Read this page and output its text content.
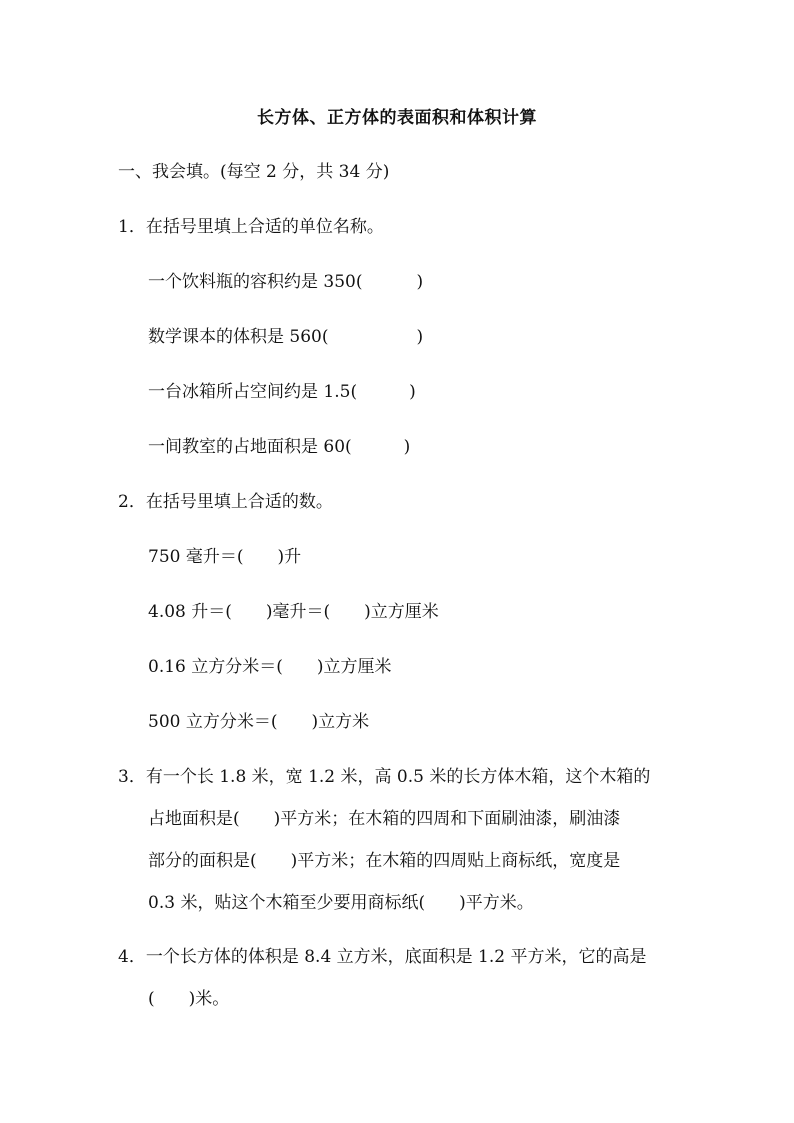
长方体、正方体的表面积和体积计算
一、我会填。(每空 2 分，共 34 分)
1．在括号里填上合适的单位名称。
一个饮料瓶的容积约是 350(	)
数学课本的体积是 560(	)
一台冰箱所占空间约是 1.5(	)
一间教室的占地面积是 60(	)
2．在括号里填上合适的数。
750 毫升＝(　　)升
4.08 升＝(　　)毫升＝(　　)立方厘米
0.16 立方分米＝(　　)立方厘米
500 立方分米＝(　　)立方米
3．有一个长 1.8 米，宽 1.2 米，高 0.5 米的长方体木箱，这个木箱的
占地面积是(　　)平方米；在木箱的四周和下面刷油漆，刷油漆
部分的面积是(　　)平方米；在木箱的四周贴上商标纸，宽度是
0.3 米，贴这个木箱至少要用商标纸(　　)平方米。
4．一个长方体的体积是 8.4 立方米，底面积是 1.2 平方米，它的高是
(　　)米。
